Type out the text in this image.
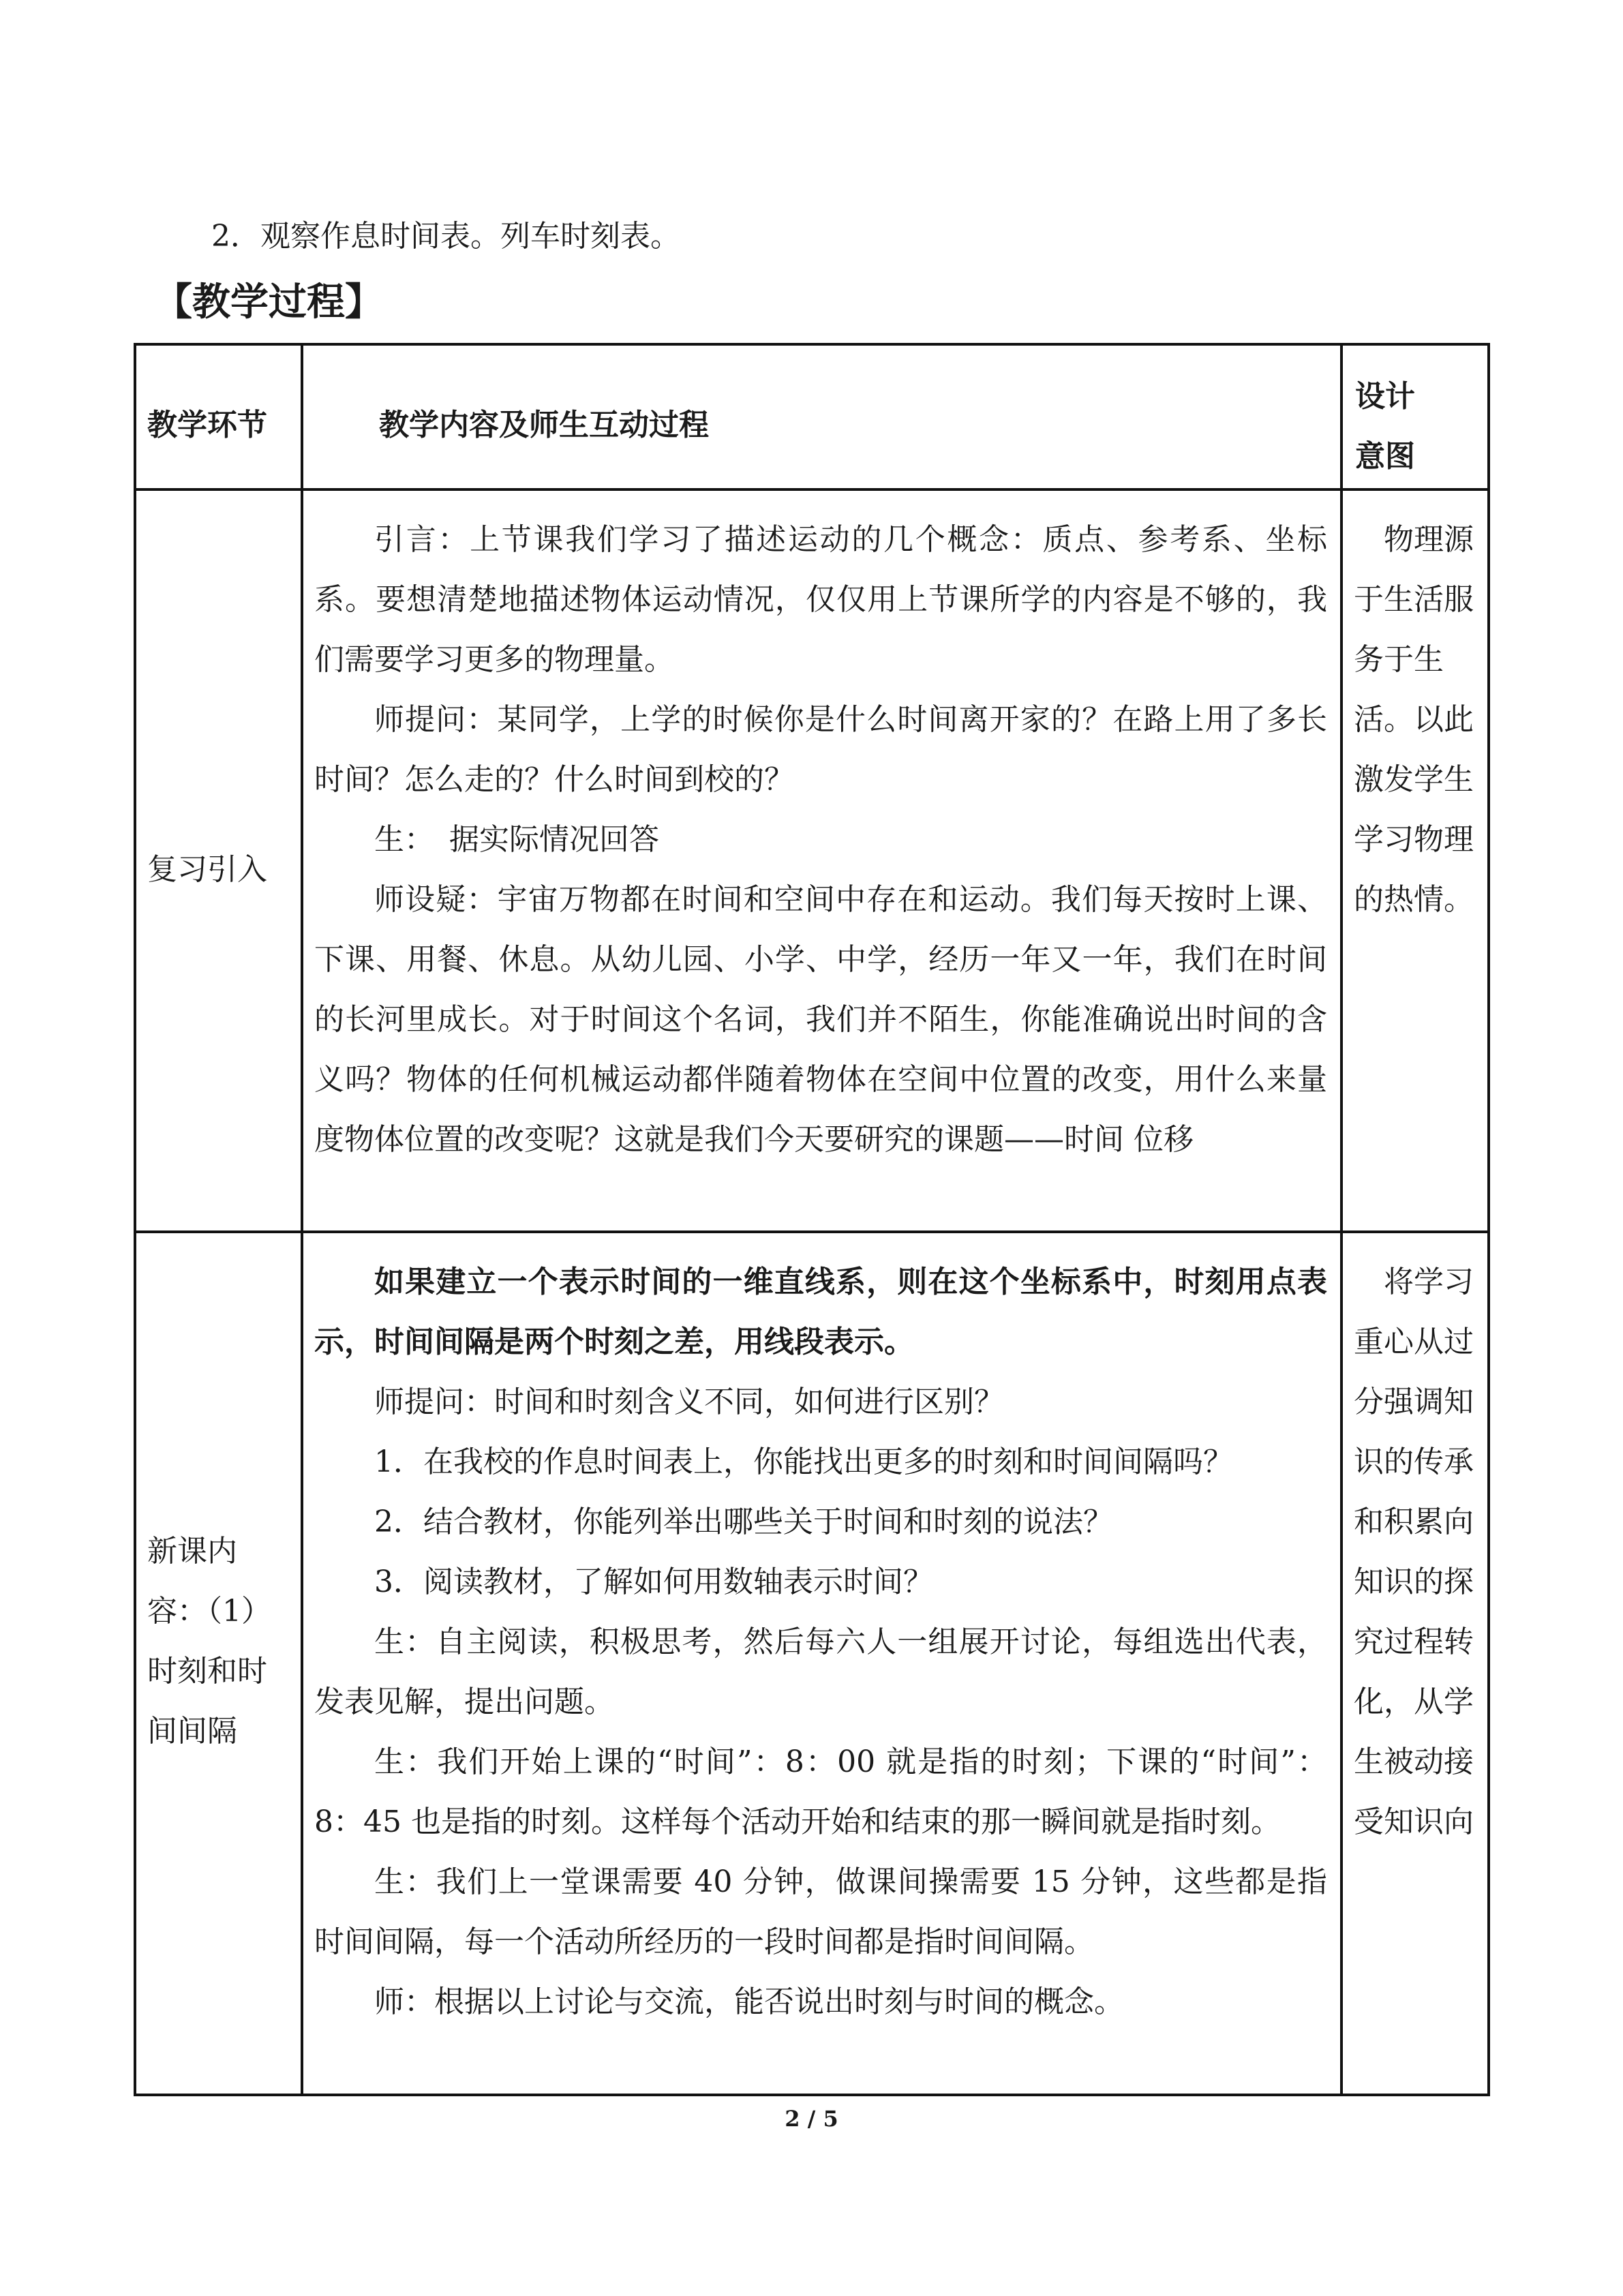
2．观察作息时间表。列车时刻表。
【教学过程】
教学环节	教学内容及师生互动过程
设计
意图
复习引入

引言：上节课我们学习了描述运动的几个概念：质点、参考系、坐标系。要想清楚地描述物体运动情况，仅仅用上节课所学的内容是不够的，我们需要学习更多的物理量。

师提问：某同学，上学的时候你是什么时间离开家的？在路上用了多长时间？怎么走的？什么时间到校的？

生：　据实际情况回答

师设疑：宇宙万物都在时间和空间中存在和运动。我们每天按时上课、下课、用餐、休息。从幼儿园、小学、中学，经历一年又一年，我们在时间的长河里成长。对于时间这个名词，我们并不陌生，你能准确说出时间的含义吗？物体的任何机械运动都伴随着物体在空间中位置的改变，用什么来量度物体位置的改变呢？这就是我们今天要研究的课题——时间 位移

　物理源于生活服务于生活。以此激发学生学习物理的热情。

新课内容：（1）时刻和时间间隔

如果建立一个表示时间的一维直线系，则在这个坐标系中，时刻用点表示，时间间隔是两个时刻之差，用线段表示。

师提问：时间和时刻含义不同，如何进行区别？

1．在我校的作息时间表上，你能找出更多的时刻和时间间隔吗？

2．结合教材，你能列举出哪些关于时间和时刻的说法？

3．阅读教材，了解如何用数轴表示时间？

生：自主阅读，积极思考，然后每六人一组展开讨论，每组选出代表，发表见解，提出问题。

生：我们开始上课的“时间”：8：00 就是指的时刻；下课的“时间”：8：45 也是指的时刻。这样每个活动开始和结束的那一瞬间就是指时刻。

生：我们上一堂课需要 40 分钟，做课间操需要 15 分钟，这些都是指时间间隔，每一个活动所经历的一段时间都是指时间间隔。

师：根据以上讨论与交流，能否说出时刻与时间的概念。

　将学习重心从过分强调知识的传承和积累向知识的探究过程转化，从学生被动接受知识向

2 / 5
